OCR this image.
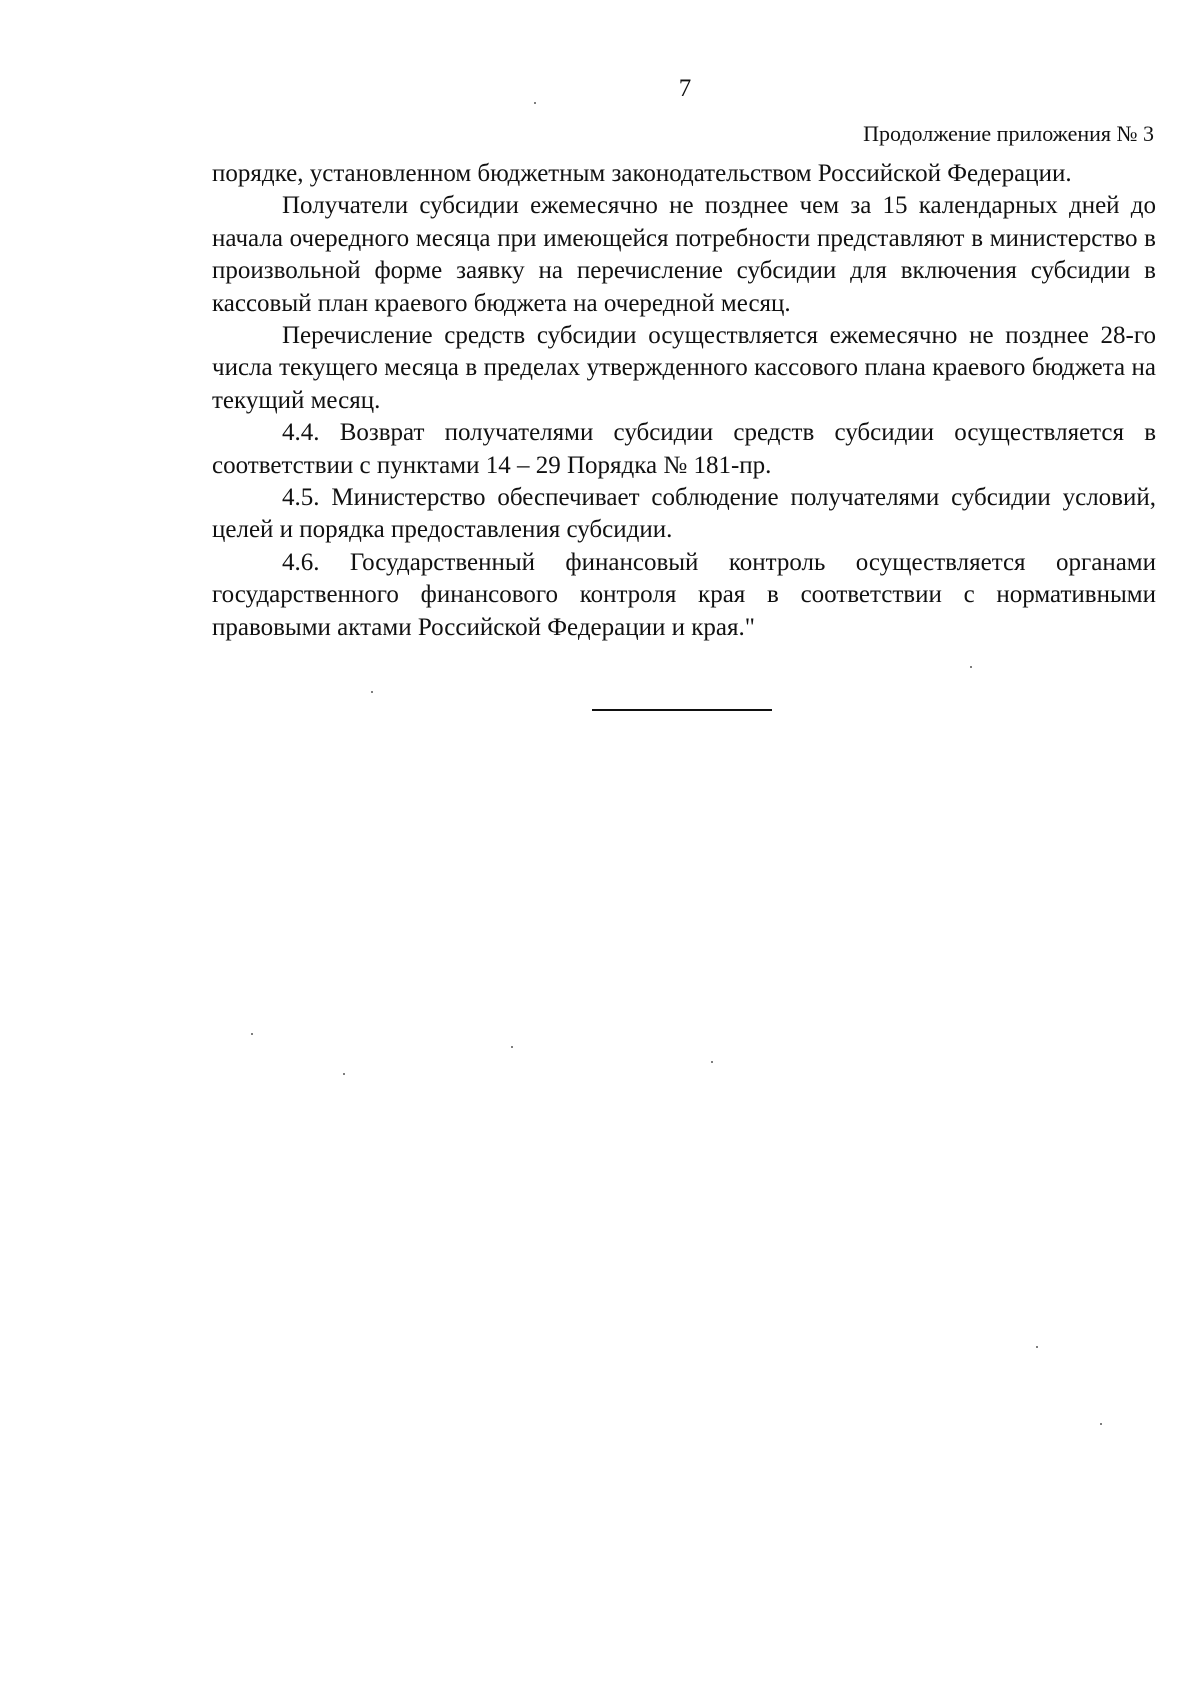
7
Продолжение приложения № 3

порядке, установленном бюджетным законодательством Российской Федерации.

Получатели субсидии ежемесячно не позднее чем за 15 календарных дней до начала очередного месяца при имеющейся потребности представляют в министерство в произвольной форме заявку на перечисление субсидии для включения субсидии в кассовый план краевого бюджета на очередной месяц.

Перечисление средств субсидии осуществляется ежемесячно не позднее 28-го числа текущего месяца в пределах утвержденного кассового плана краевого бюджета на текущий месяц.

4.4. Возврат получателями субсидии средств субсидии осуществляется в соответствии с пунктами 14 – 29 Порядка № 181-пр.

4.5. Министерство обеспечивает соблюдение получателями субсидии условий, целей и порядка предоставления субсидии.

4.6. Государственный финансовый контроль осуществляется органами государственного финансового контроля края в соответствии с нормативными правовыми актами Российской Федерации и края."
